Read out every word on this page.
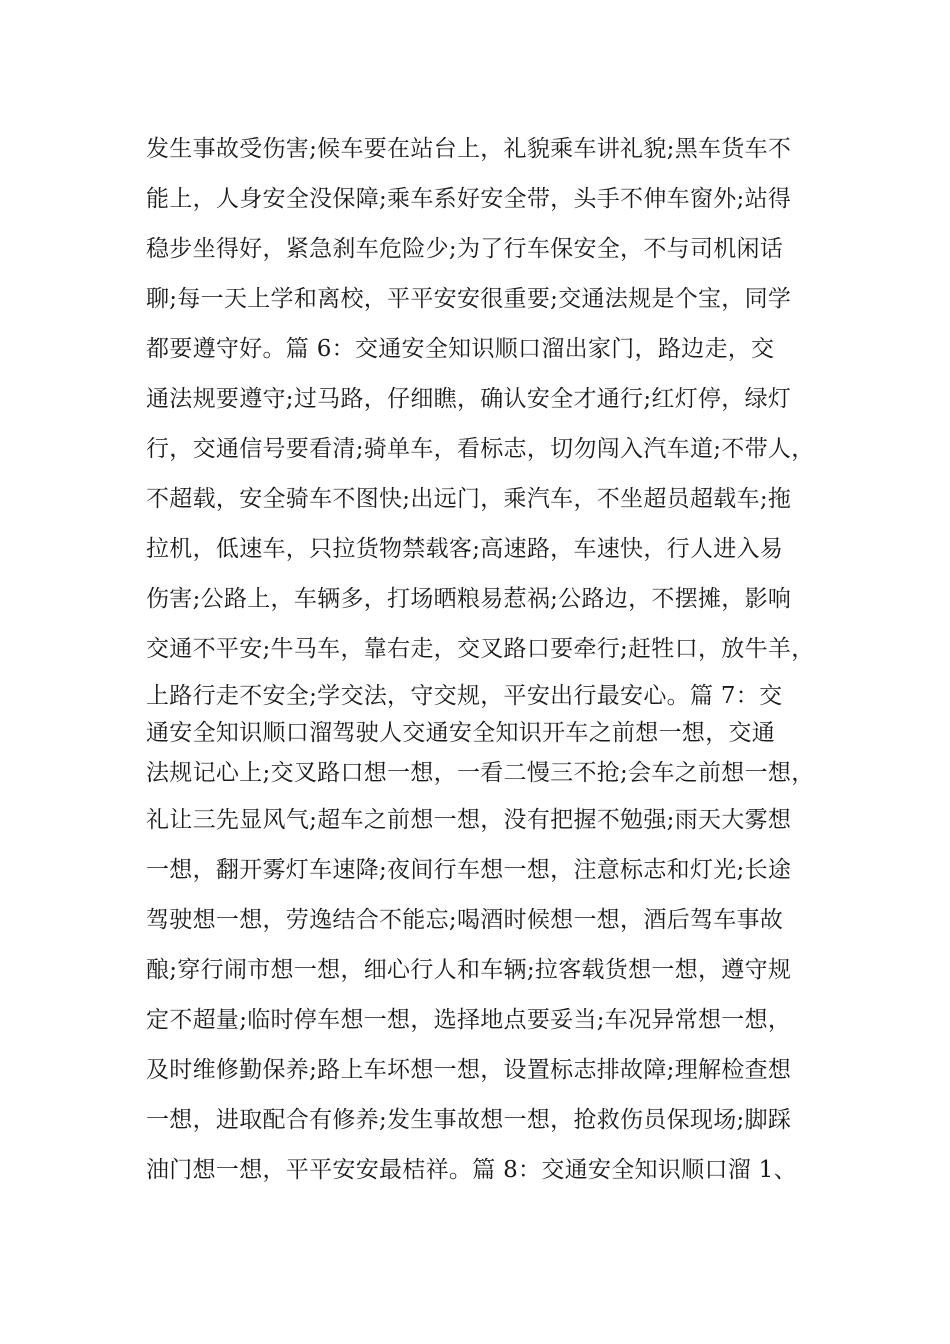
发生事故受伤害;候车要在站台上，礼貌乘车讲礼貌;黑车货车不
能上，人身安全没保障;乘车系好安全带，头手不伸车窗外;站得
稳步坐得好，紧急刹车危险少;为了行车保安全，不与司机闲话
聊;每一天上学和离校，平平安安很重要;交通法规是个宝，同学
都要遵守好。篇 6：交通安全知识顺口溜出家门，路边走，交
通法规要遵守;过马路，仔细瞧，确认安全才通行;红灯停，绿灯
行，交通信号要看清;骑单车，看标志，切勿闯入汽车道;不带人，
不超载，安全骑车不图快;出远门，乘汽车，不坐超员超载车;拖
拉机，低速车，只拉货物禁载客;高速路，车速快，行人进入易
伤害;公路上，车辆多，打场晒粮易惹祸;公路边，不摆摊，影响
交通不平安;牛马车，靠右走，交叉路口要牵行;赶牲口，放牛羊，
上路行走不安全;学交法，守交规，平安出行最安心。篇 7：交
通安全知识顺口溜驾驶人交通安全知识开车之前想一想，交通
法规记心上;交叉路口想一想，一看二慢三不抢;会车之前想一想，
礼让三先显风气;超车之前想一想，没有把握不勉强;雨天大雾想
一想，翻开雾灯车速降;夜间行车想一想，注意标志和灯光;长途
驾驶想一想，劳逸结合不能忘;喝酒时候想一想，酒后驾车事故
酿;穿行闹市想一想，细心行人和车辆;拉客载货想一想，遵守规
定不超量;临时停车想一想，选择地点要妥当;车况异常想一想，
及时维修勤保养;路上车坏想一想，设置标志排故障;理解检查想
一想，进取配合有修养;发生事故想一想，抢救伤员保现场;脚踩
油门想一想，平平安安最桔祥。篇 8：交通安全知识顺口溜 1、
